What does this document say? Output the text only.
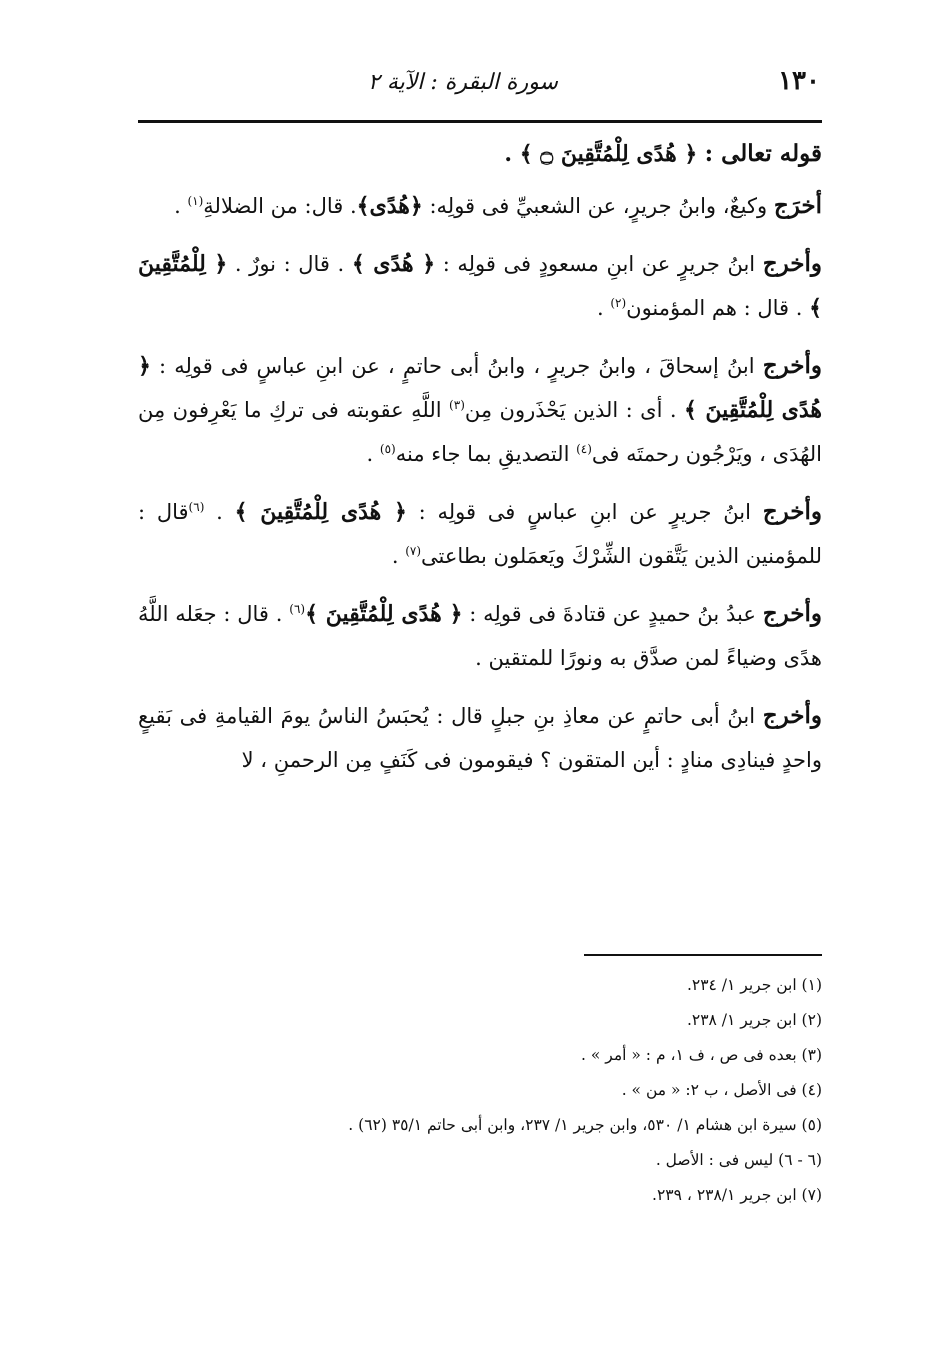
١٣٠
سورة البقرة : الآية ٢

قوله تعالى : ﴿ هُدًى لِلْمُتَّقِينَ ۝ ﴾ .

أخرَج وكيعٌ، وابنُ جريرٍ، عن الشعبيِّ فى قولِه: ﴿هُدًى﴾. قال: من الضلالةِ$^{(١)}$ .

وأخرج ابنُ جريرٍ عن ابنِ مسعودٍ فى قولِه : ﴿ هُدًى ﴾ . قال : نورٌ . ﴿ لِلْمُتَّقِينَ ﴾ . قال : هم المؤمنون$^{(٢)}$ .

وأخرج ابنُ إسحاقَ ، وابنُ جريرٍ ، وابنُ أبى حاتمٍ ، عن ابنِ عباسٍ فى قولِه : ﴿ هُدًى لِلْمُتَّقِينَ ﴾ . أى : الذين يَحْذَرون مِن$^{(٣)}$ اللَّهِ عقوبته فى تركِ ما يَعْرِفون مِن الهُدَى ، ويَرْجُون رحمتَه فى$^{(٤)}$ التصديقِ بما جاء منه$^{(٥)}$ .

وأخرج ابنُ جريرٍ عن ابنِ عباسٍ فى قولِه : ﴿ هُدًى لِلْمُتَّقِينَ ﴾ . $^{(٦)}$قال : للمؤمنين الذين يَتَّقون الشِّرْكَ ويَعمَلون بطاعتى$^{(٧)}$ .

وأخرج عبدُ بنُ حميدٍ عن قتادةَ فى قولِه : ﴿ هُدًى لِلْمُتَّقِينَ ﴾$^{(٦)}$ . قال : جعَله اللَّهُ هدًى وضياءً لمن صدَّق به ونورًا للمتقين .

وأخرج ابنُ أبى حاتمٍ عن معاذِ بنِ جبلٍ قال : يُحبَسُ الناسُ يومَ القيامةِ فى بَقيعٍ واحدٍ فينادِى منادٍ : أين المتقون ؟ فيقومون فى كَنَفٍ مِن الرحمنِ ، لا

(١) ابن جرير ١/ ٢٣٤.

(٢) ابن جرير ١/ ٢٣٨.

(٣) بعده فى ص ، ف ١، م : « أمر » .

(٤) فى الأصل ، ب ٢: « من » .

(٥) سيرة ابن هشام ١/ ٥٣٠، وابن جرير ١/ ٢٣٧، وابن أبى حاتم ٣٥/١ (٦٢) .

(٦ - ٦) ليس فى : الأصل .

(٧) ابن جرير ٢٣٨/١ ، ٢٣٩.
